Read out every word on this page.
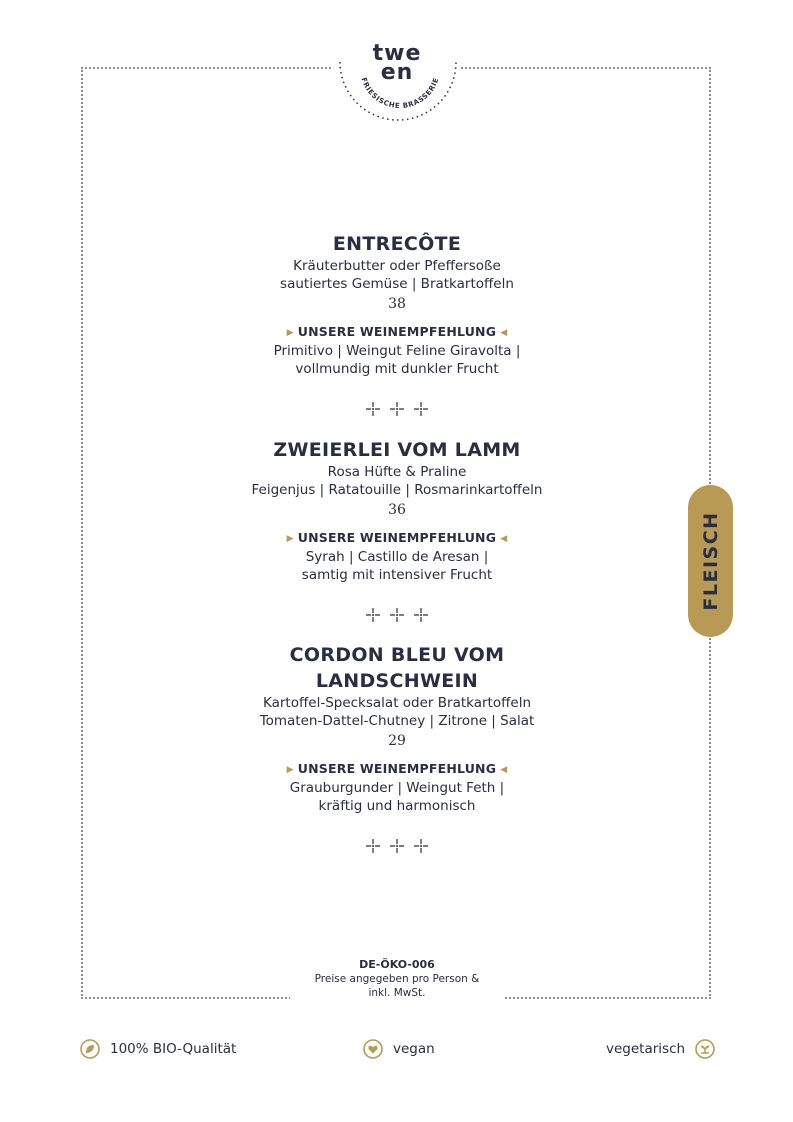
twe
en
FRIESISCHE BRASSERIE

ENTRECÔTE

Kräuterbutter oder Pfeffersoße

sautiertes Gemüse | Bratkartoffeln

38

▶ UNSERE WEINEMPFEHLUNG ◀

Primitivo | Weingut Feline Giravolta |

vollmundig mit dunkler Frucht

ZWEIERLEI VOM LAMM

Rosa Hüfte & Praline

Feigenjus | Ratatouille | Rosmarinkartoffeln

36

▶ UNSERE WEINEMPFEHLUNG ◀

Syrah | Castillo de Aresan |

samtig mit intensiver Frucht

CORDON BLEU VOM

LANDSCHWEIN

Kartoffel-Specksalat oder Bratkartoffeln

Tomaten-Dattel-Chutney | Zitrone | Salat

29

▶ UNSERE WEINEMPFEHLUNG ◀

Grauburgunder | Weingut Feth |

kräftig und harmonisch

FLEISCH
DE-ÖKO-006
Preise angegeben pro Person &
inkl. MwSt.
100% BIO-Qualität	vegan	vegetarisch
